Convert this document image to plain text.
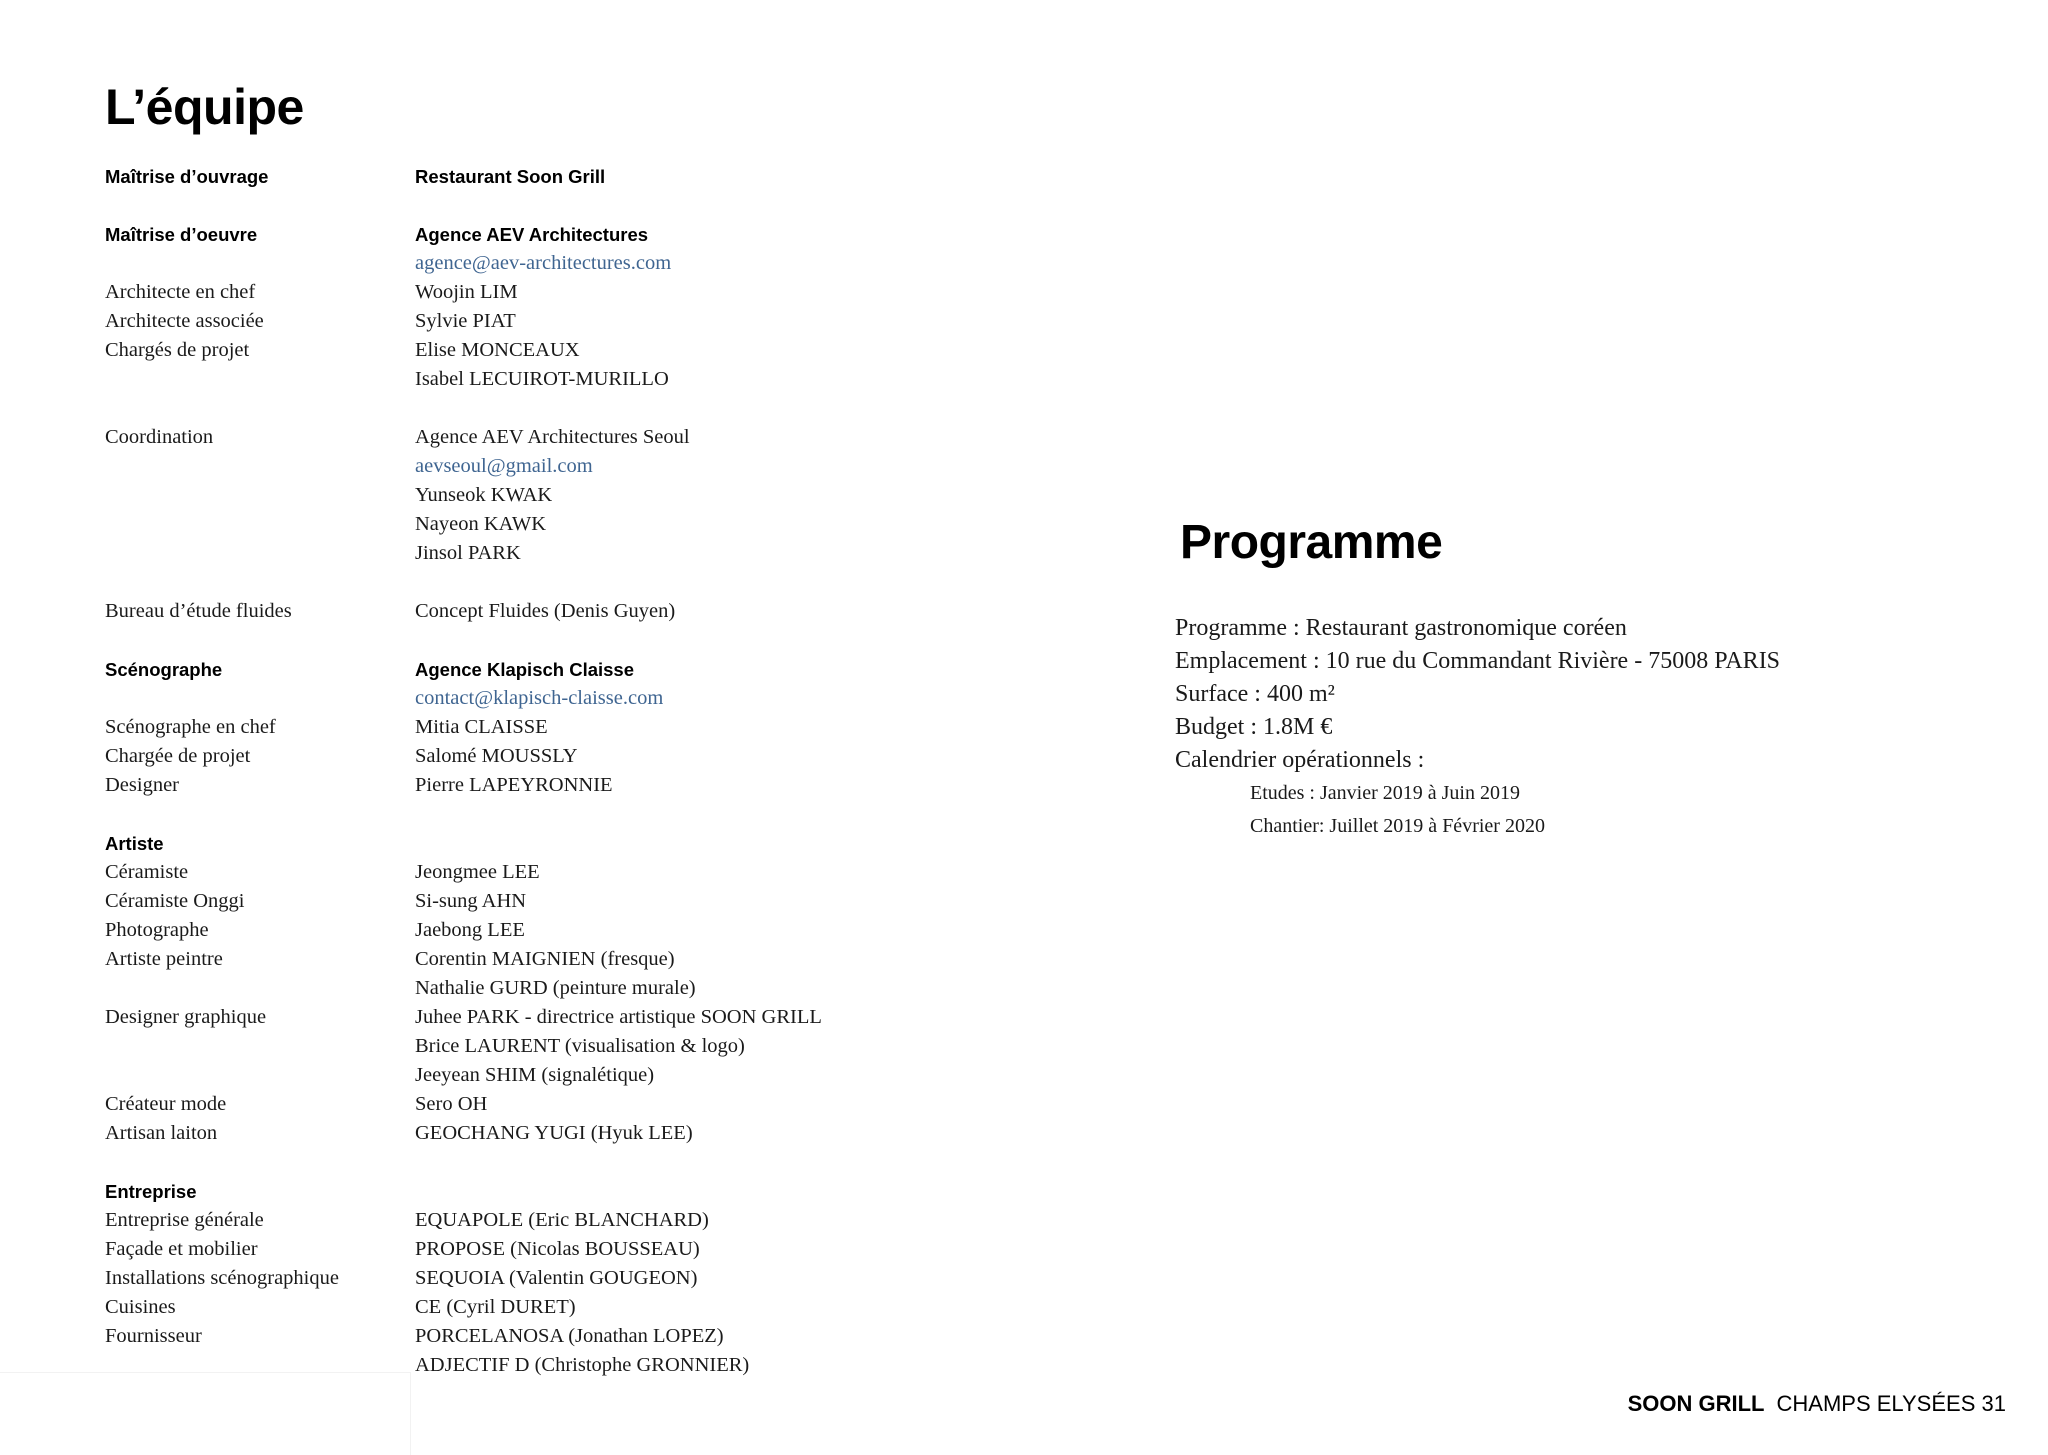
L’équipe
Maîtrise d’ouvrage	Restaurant Soon Grill
Maîtrise d’oeuvre	Agence AEV Architectures
agence@aev-architectures.com
Architecte en chef	Woojin LIM
Architecte associée	Sylvie PIAT
Chargés de projet	Elise MONCEAUX
Isabel LECUIROT-MURILLO
Coordination	Agence AEV Architectures Seoul
aevseoul@gmail.com
Yunseok KWAK
Nayeon KAWK
Jinsol PARK
Bureau d’étude fluides	Concept Fluides (Denis Guyen)
Scénographe	Agence Klapisch Claisse
contact@klapisch-claisse.com
Scénographe en chef	Mitia CLAISSE
Chargée de projet	Salomé MOUSSLY
Designer	Pierre LAPEYRONNIE
Artiste
Céramiste	Jeongmee LEE
Céramiste Onggi	Si-sung AHN
Photographe	Jaebong LEE
Artiste peintre	Corentin MAIGNIEN (fresque)
Nathalie GURD (peinture murale)
Designer graphique	Juhee PARK - directrice artistique SOON GRILL
Brice LAURENT (visualisation & logo)
Jeeyean SHIM (signalétique)
Créateur mode	Sero OH
Artisan laiton	GEOCHANG YUGI (Hyuk LEE)
Entreprise
Entreprise générale	EQUAPOLE (Eric BLANCHARD)
Façade et mobilier	PROPOSE (Nicolas BOUSSEAU)
Installations scénographique	SEQUOIA (Valentin GOUGEON)
Cuisines	CE (Cyril DURET)
Fournisseur	PORCELANOSA (Jonathan LOPEZ)
ADJECTIF D (Christophe GRONNIER)
Programme
Programme : Restaurant gastronomique coréen
Emplacement : 10 rue du Commandant Rivière - 75008 PARIS
Surface : 400 m²
Budget : 1.8M €
Calendrier opérationnels :
Etudes : Janvier 2019 à Juin 2019
Chantier: Juillet 2019 à Février 2020
SOON GRILL CHAMPS ELYSÉES 31
